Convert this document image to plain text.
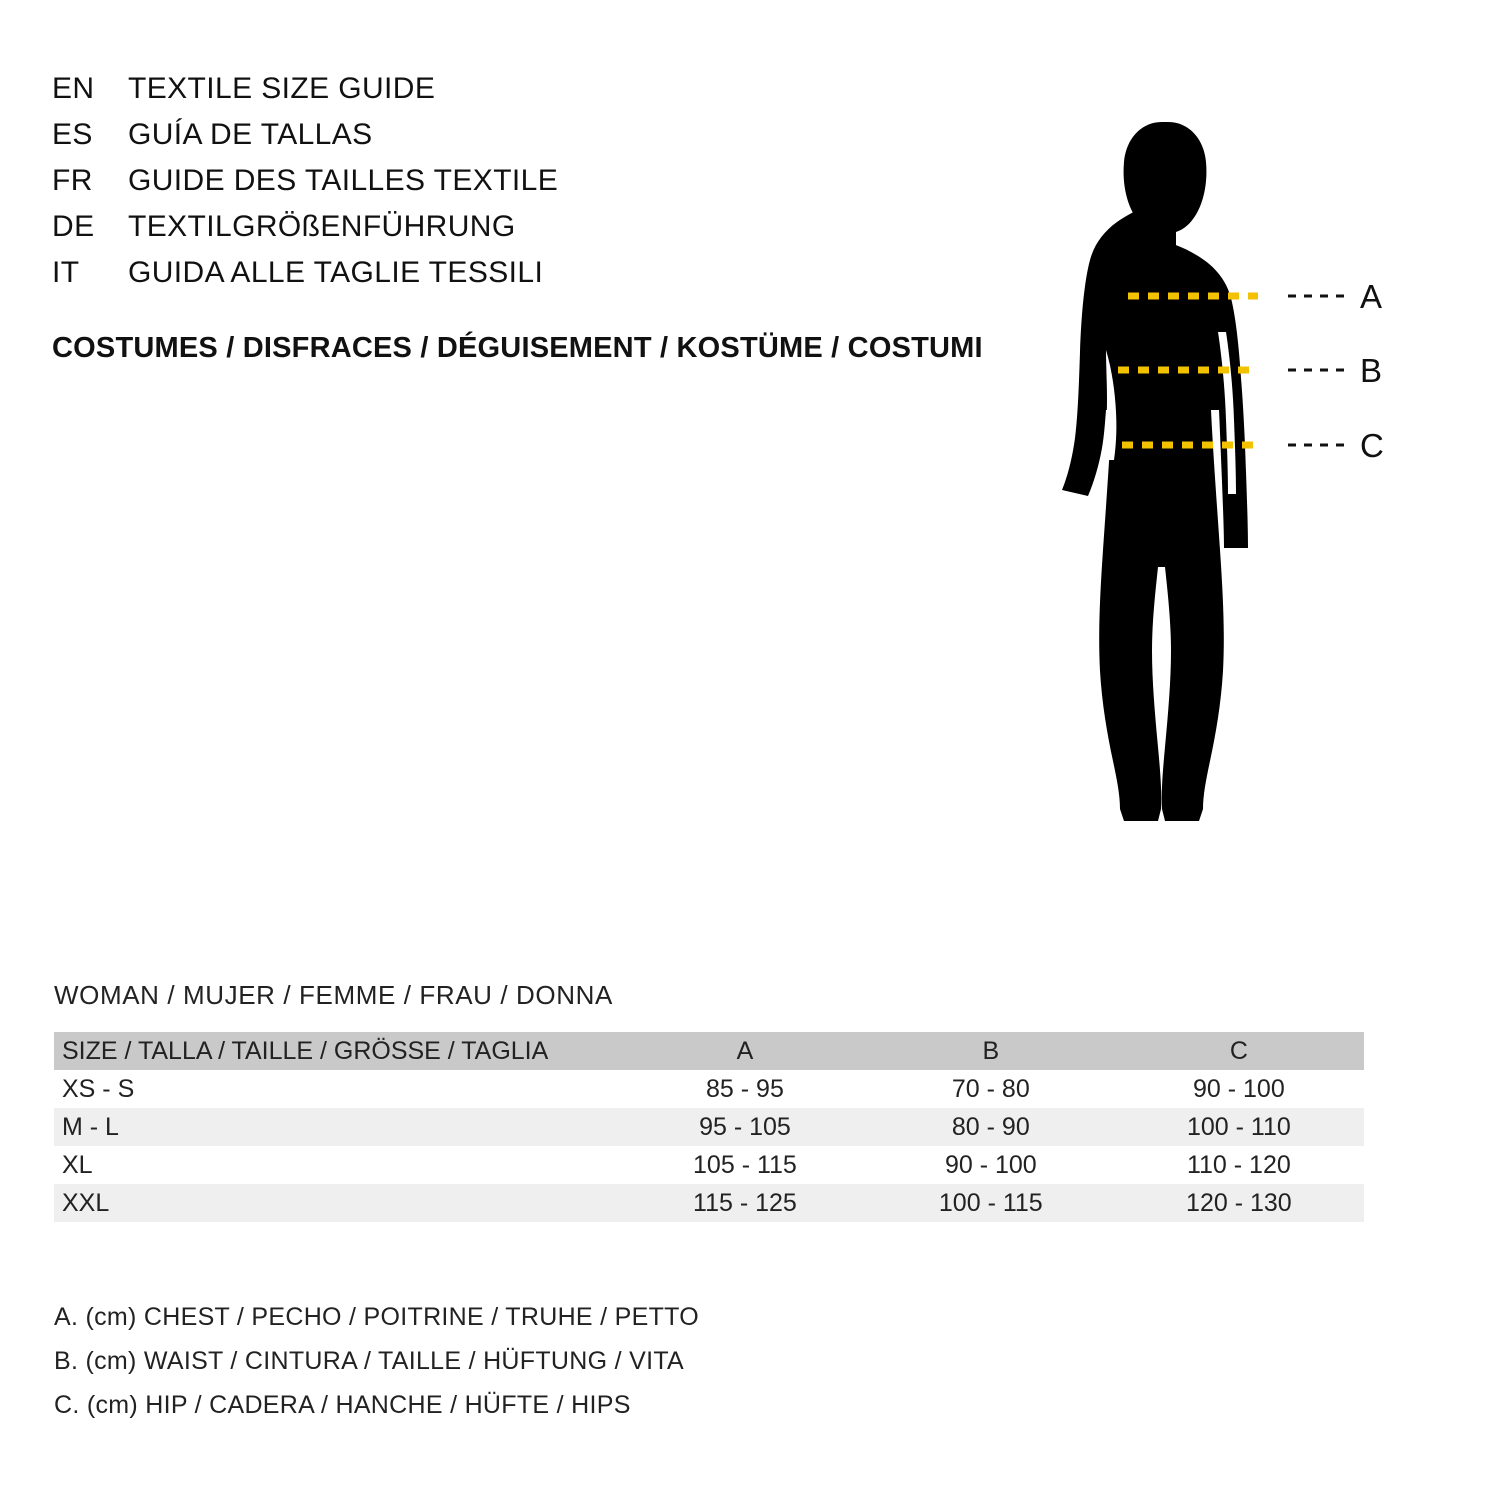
EN	TEXTILE SIZE GUIDE
ES	GUÍA DE TALLAS
FR	GUIDE DES TAILLES TEXTILE
DE	TEXTILGRÖßENFÜHRUNG
IT	GUIDA ALLE TAGLIE TESSILI
COSTUMES / DISFRACES / DÉGUISEMENT / KOSTÜME / COSTUMI
A
B
C
WOMAN / MUJER / FEMME / FRAU / DONNA
SIZE / TALLA / TAILLE / GRÖSSE / TAGLIA	A	B	C
XS - S	85 - 95	70 - 80	90 - 100
M - L	95 - 105	80 - 90	100 - 110
XL	105 - 115	90 - 100	110 - 120
XXL	115 - 125	100 - 115	120 - 130
A. (cm) CHEST / PECHO / POITRINE / TRUHE / PETTO
B. (cm) WAIST / CINTURA / TAILLE / HÜFTUNG / VITA
C. (cm) HIP / CADERA / HANCHE / HÜFTE / HIPS
